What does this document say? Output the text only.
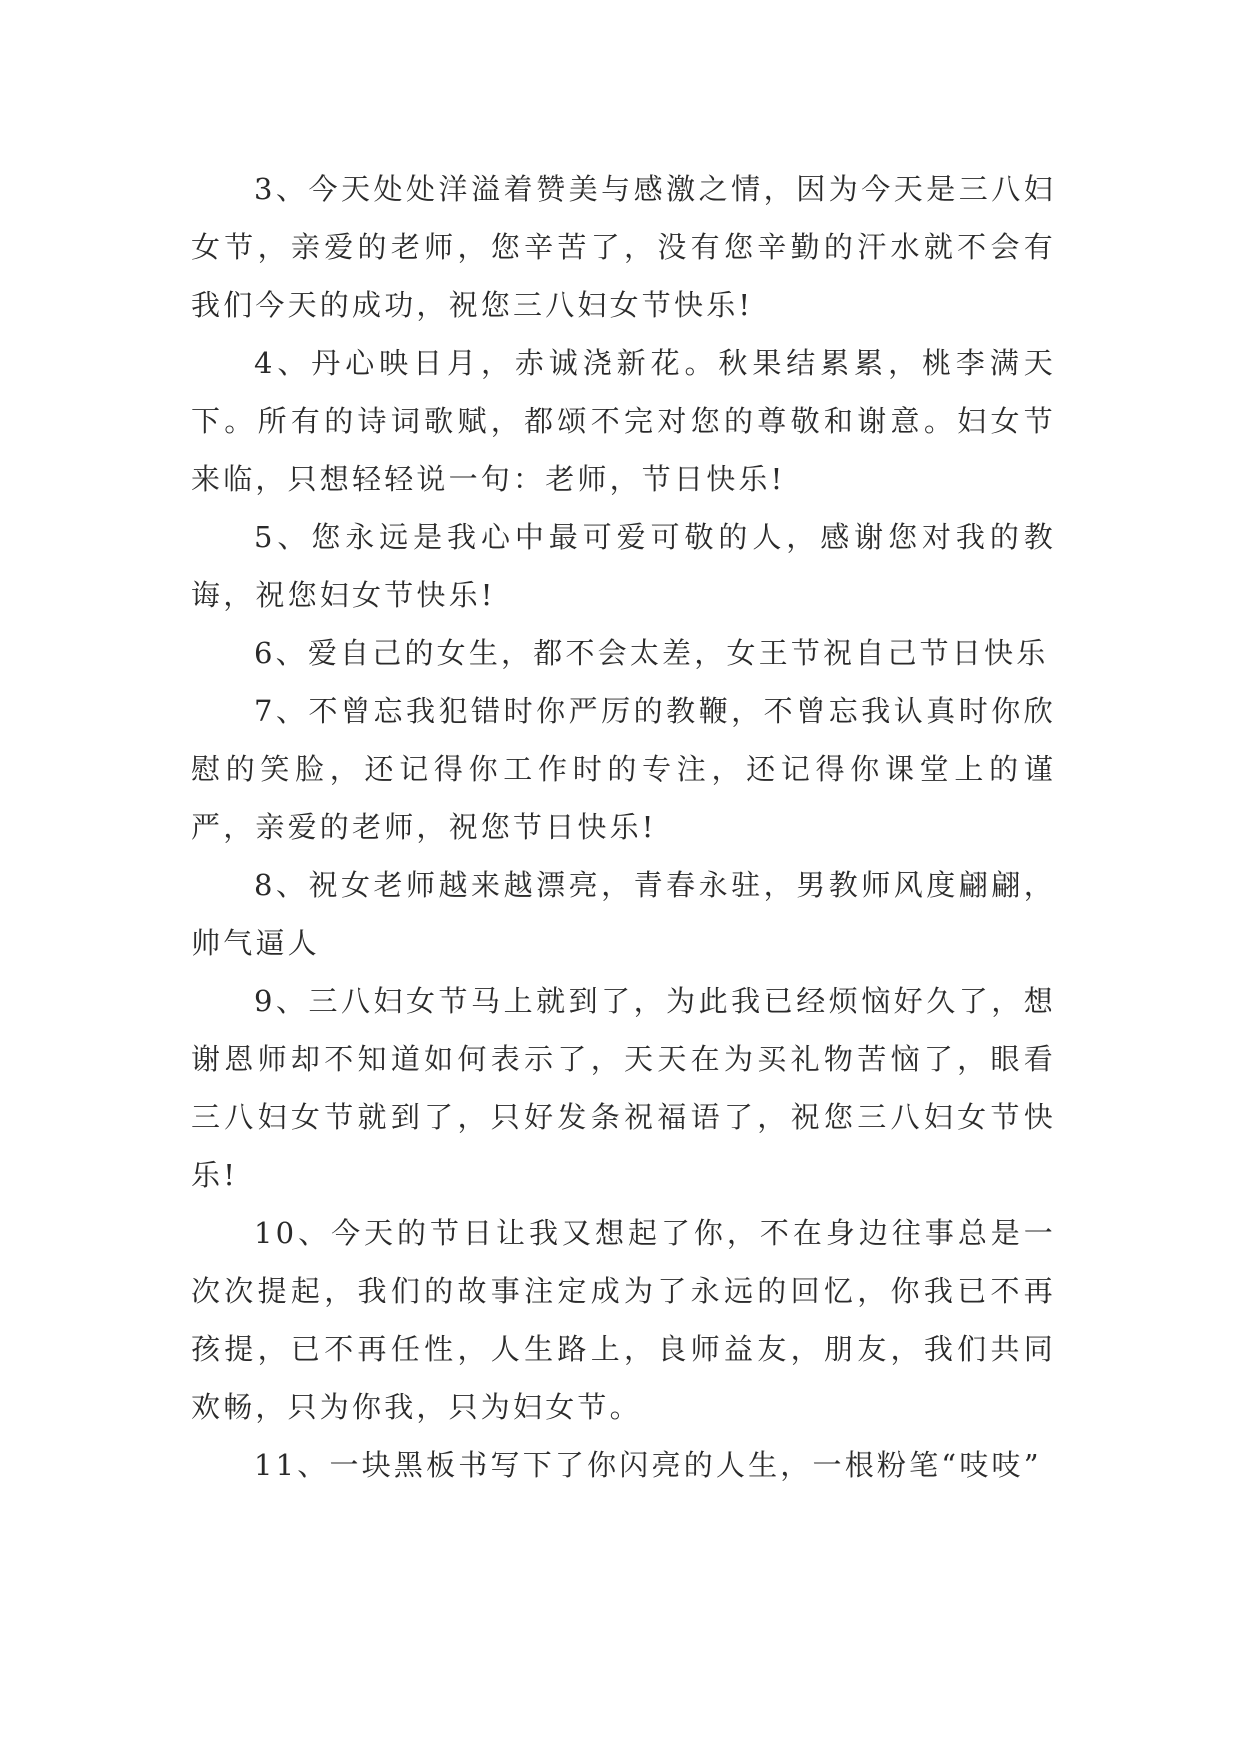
3、今天处处洋溢着赞美与感激之情，因为今天是三八妇女节，亲爱的老师，您辛苦了，没有您辛勤的汗水就不会有我们今天的成功，祝您三八妇女节快乐!

4、丹心映日月，赤诚浇新花。秋果结累累，桃李满天下。所有的诗词歌赋，都颂不完对您的尊敬和谢意。妇女节来临，只想轻轻说一句：老师，节日快乐!

5、您永远是我心中最可爱可敬的人，感谢您对我的教诲，祝您妇女节快乐!

6、爱自己的女生，都不会太差，女王节祝自己节日快乐

7、不曾忘我犯错时你严厉的教鞭，不曾忘我认真时你欣慰的笑脸，还记得你工作时的专注，还记得你课堂上的谨严，亲爱的老师，祝您节日快乐!

8、祝女老师越来越漂亮，青春永驻，男教师风度翩翩，帅气逼人

9、三八妇女节马上就到了，为此我已经烦恼好久了，想谢恩师却不知道如何表示了，天天在为买礼物苦恼了，眼看三八妇女节就到了，只好发条祝福语了，祝您三八妇女节快乐!

10、今天的节日让我又想起了你，不在身边往事总是一次次提起，我们的故事注定成为了永远的回忆，你我已不再孩提，已不再任性，人生路上，良师益友，朋友，我们共同欢畅，只为你我，只为妇女节。

11、一块黑板书写下了你闪亮的人生，一根粉笔“吱吱”
